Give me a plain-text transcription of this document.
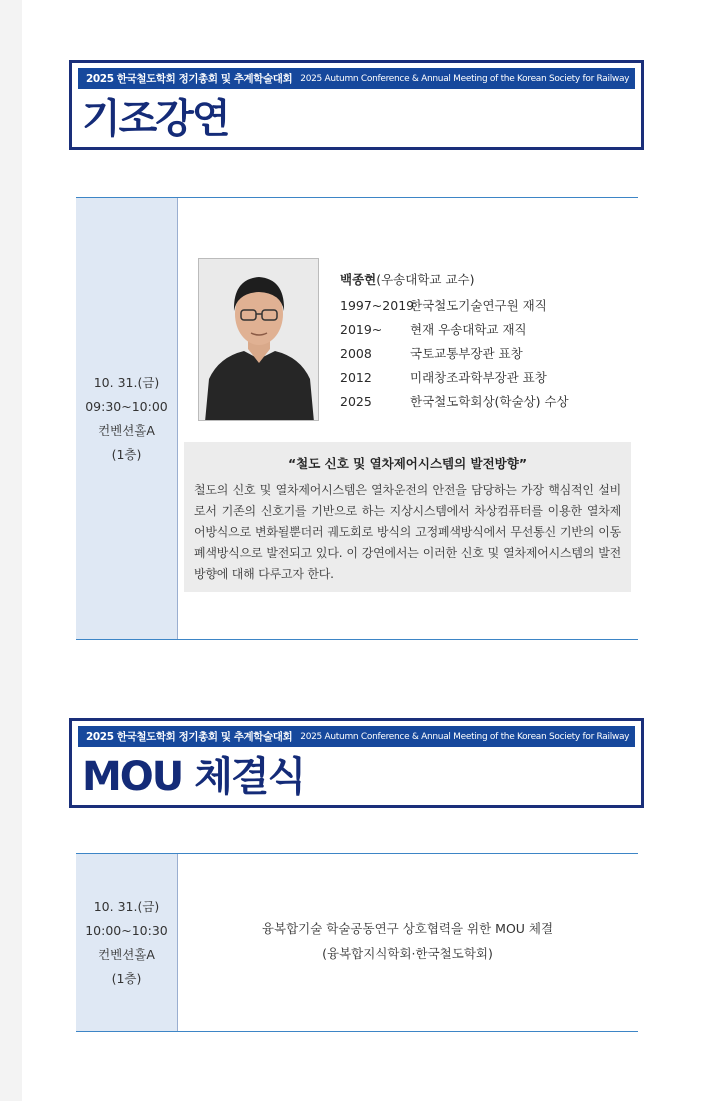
2025 한국철도학회 정기총회 및 추계학술대회 2025 Autumn Conference & Annual Meeting of the Korean Society for Railway
기조강연
10. 31.(금)
09:30~10:00
컨벤션홀A
(1층)
백종현(우송대학교 교수)
1997~2019
한국철도기술연구원 재직
2019~	현재 우송대학교 재직
2008	국토교통부장관 표창
2012	미래창조과학부장관 표창
2025	한국철도학회상(학술상) 수상
“철도 신호 및 열차제어시스템의 발전방향”
철도의 신호 및 열차제어시스템은 열차운전의 안전을 담당하는 가장 핵심적인 설비로서 기존의 신호기를 기반으로 하는 지상시스템에서 차상컴퓨터를 이용한 열차제어방식으로 변화될뿐더러 궤도회로 방식의 고정폐색방식에서 무선통신 기반의 이동폐색방식으로 발전되고 있다. 이 강연에서는 이러한 신호 및 열차제어시스템의 발전방향에 대해 다루고자 한다.
2025 한국철도학회 정기총회 및 추계학술대회 2025 Autumn Conference & Annual Meeting of the Korean Society for Railway
MOU 체결식
10. 31.(금)
10:00~10:30
컨벤션홀A
(1층)
융복합기술 학술공동연구 상호협력을 위한 MOU 체결
(융복합지식학회·한국철도학회)
